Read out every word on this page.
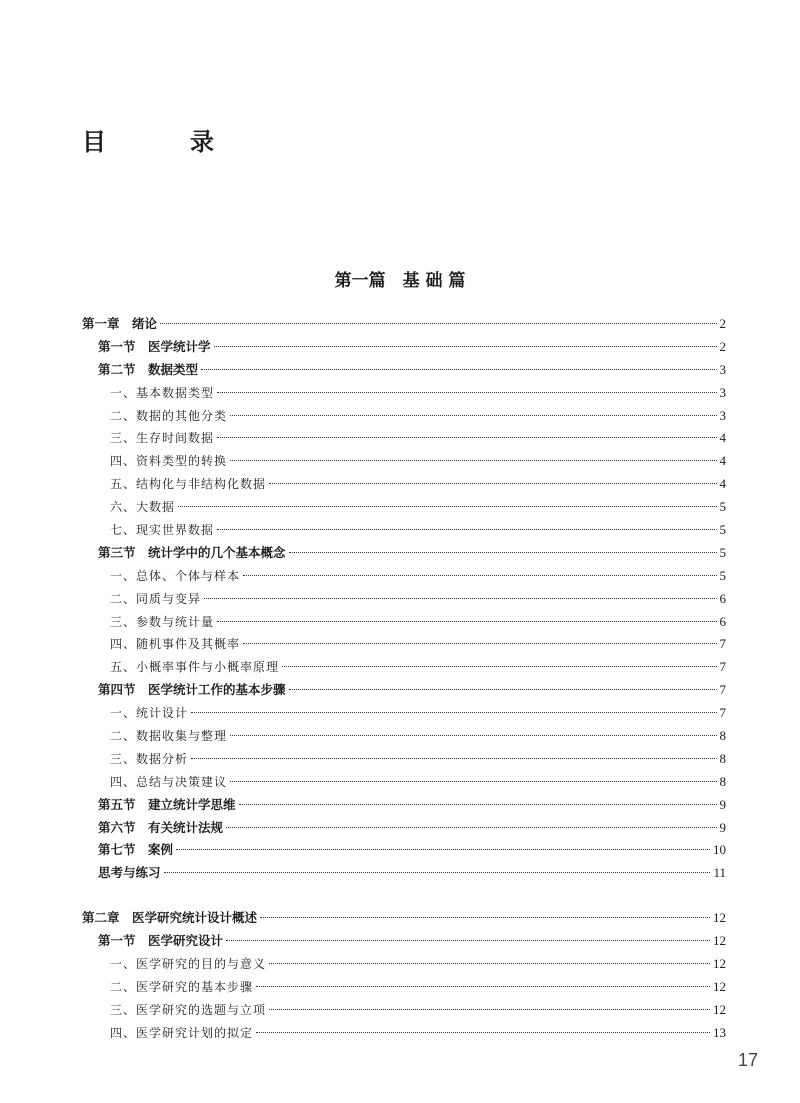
目　录
第一篇　基 础 篇
第一章　绪论	2
第一节　医学统计学	2
第二节　数据类型	3
一、基本数据类型	3
二、数据的其他分类	3
三、生存时间数据	4
四、资料类型的转换	4
五、结构化与非结构化数据	4
六、大数据	5
七、现实世界数据	5
第三节　统计学中的几个基本概念	5
一、总体、个体与样本	5
二、同质与变异	6
三、参数与统计量	6
四、随机事件及其概率	7
五、小概率事件与小概率原理	7
第四节　医学统计工作的基本步骤	7
一、统计设计	7
二、数据收集与整理	8
三、数据分析	8
四、总结与决策建议	8
第五节　建立统计学思维	9
第六节　有关统计法规	9
第七节　案例	10
思考与练习	11
第二章　医学研究统计设计概述	12
第一节　医学研究设计	12
一、医学研究的目的与意义	12
二、医学研究的基本步骤	12
三、医学研究的选题与立项	12
四、医学研究计划的拟定	13
17
